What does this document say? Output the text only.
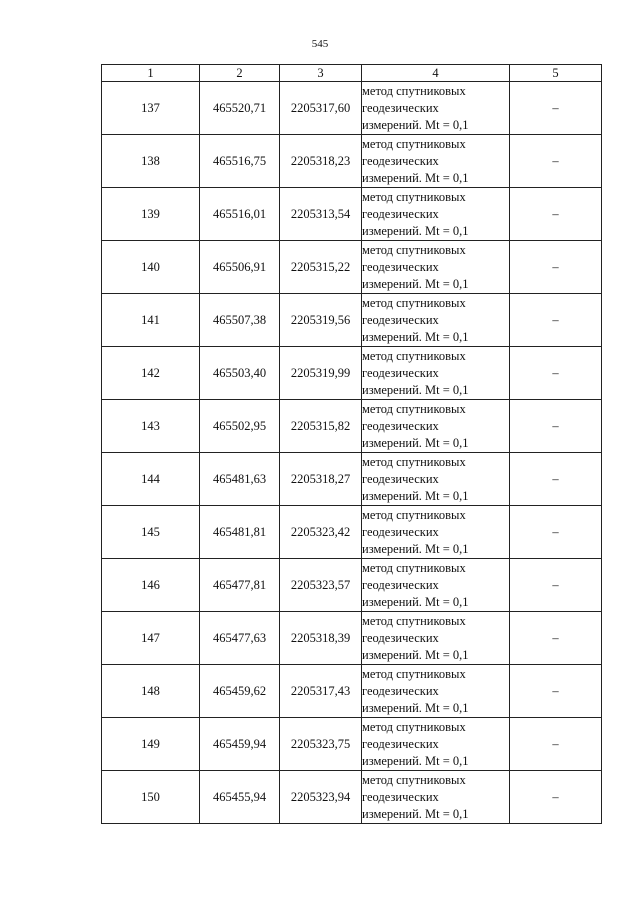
545
1	2	3	4	5
137	465520,71	2205317,60	метод спутниковых
геодезических
измерений. Mt = 0,1	–
138	465516,75	2205318,23	метод спутниковых
геодезических
измерений. Mt = 0,1	–
139	465516,01	2205313,54	метод спутниковых
геодезических
измерений. Mt = 0,1	–
140	465506,91	2205315,22	метод спутниковых
геодезических
измерений. Mt = 0,1	–
141	465507,38	2205319,56	метод спутниковых
геодезических
измерений. Mt = 0,1	–
142	465503,40	2205319,99	метод спутниковых
геодезических
измерений. Mt = 0,1	–
143	465502,95	2205315,82	метод спутниковых
геодезических
измерений. Mt = 0,1	–
144	465481,63	2205318,27	метод спутниковых
геодезических
измерений. Mt = 0,1	–
145	465481,81	2205323,42	метод спутниковых
геодезических
измерений. Mt = 0,1	–
146	465477,81	2205323,57	метод спутниковых
геодезических
измерений. Mt = 0,1	–
147	465477,63	2205318,39	метод спутниковых
геодезических
измерений. Mt = 0,1	–
148	465459,62	2205317,43	метод спутниковых
геодезических
измерений. Mt = 0,1	–
149	465459,94	2205323,75	метод спутниковых
геодезических
измерений. Mt = 0,1	–
150	465455,94	2205323,94	метод спутниковых
геодезических
измерений. Mt = 0,1	–
